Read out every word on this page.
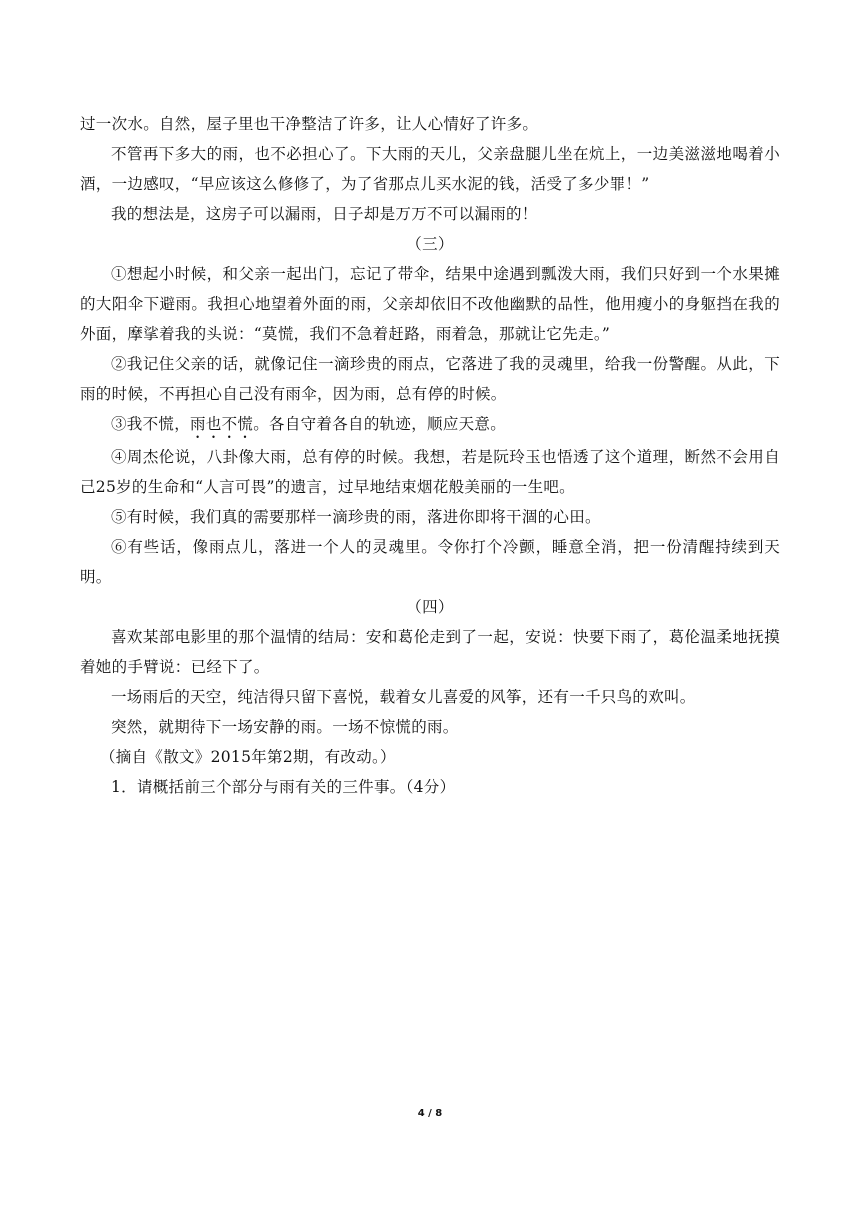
过一次水。自然，屋子里也干净整洁了许多，让人心情好了许多。

不管再下多大的雨，也不必担心了。下大雨的天儿，父亲盘腿儿坐在炕上，一边美滋滋地喝着小酒，一边感叹，“早应该这么修修了，为了省那点儿买水泥的钱，活受了多少罪！”

我的想法是，这房子可以漏雨，日子却是万万不可以漏雨的！

（三）

①想起小时候，和父亲一起出门，忘记了带伞，结果中途遇到瓢泼大雨，我们只好到一个水果摊的大阳伞下避雨。我担心地望着外面的雨，父亲却依旧不改他幽默的品性，他用瘦小的身躯挡在我的外面，摩挲着我的头说：“莫慌，我们不急着赶路，雨着急，那就让它先走。”

②我记住父亲的话，就像记住一滴珍贵的雨点，它落进了我的灵魂里，给我一份警醒。从此，下雨的时候，不再担心自己没有雨伞，因为雨，总有停的时候。

③我不慌，雨也不慌。各自守着各自的轨迹，顺应天意。

④周杰伦说，八卦像大雨，总有停的时候。我想，若是阮玲玉也悟透了这个道理，断然不会用自己25岁的生命和“人言可畏”的遗言，过早地结束烟花般美丽的一生吧。

⑤有时候，我们真的需要那样一滴珍贵的雨，落进你即将干涸的心田。

⑥有些话，像雨点儿，落进一个人的灵魂里。令你打个冷颤，睡意全消，把一份清醒持续到天明。

（四）

喜欢某部电影里的那个温情的结局：安和葛伦走到了一起，安说：快要下雨了，葛伦温柔地抚摸着她的手臂说：已经下了。

一场雨后的天空，纯洁得只留下喜悦，载着女儿喜爱的风筝，还有一千只鸟的欢叫。

突然，就期待下一场安静的雨。一场不惊慌的雨。

（摘自《散文》2015年第2期，有改动。）

1．请概括前三个部分与雨有关的三件事。（4分）

4 / 8
